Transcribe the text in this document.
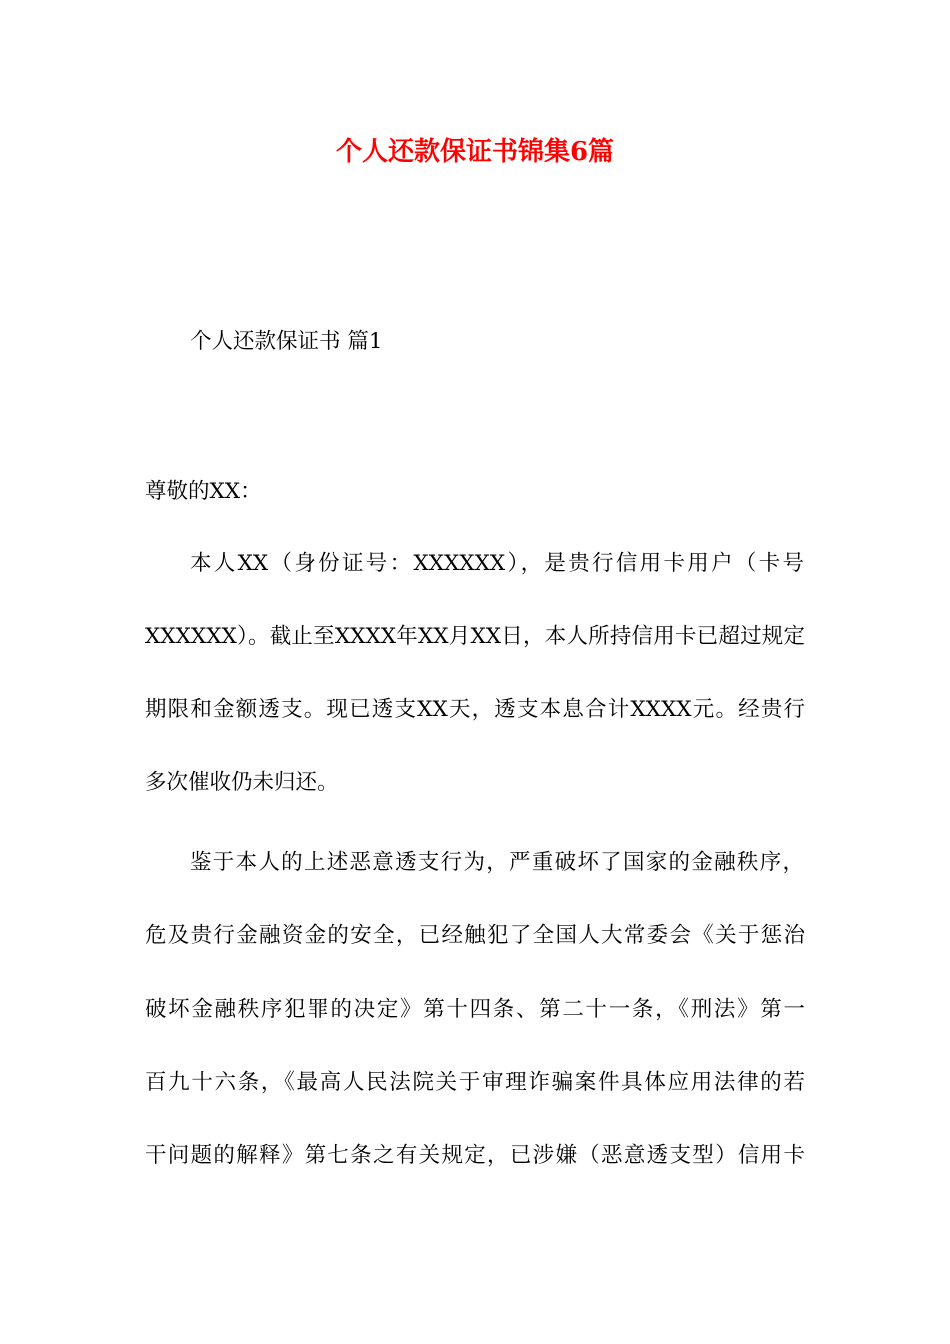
个人还款保证书锦集6篇
个人还款保证书 篇1
尊敬的XX：
本人XX（身份证号：XXXXXX），是贵行信用卡用户（卡号
XXXXXX）。截止至XXXX年XX月XX日，本人所持信用卡已超过规定
期限和金额透支。现已透支XX天，透支本息合计XXXX元。经贵行
多次催收仍未归还。
鉴于本人的上述恶意透支行为，严重破坏了国家的金融秩序，
危及贵行金融资金的安全，已经触犯了全国人大常委会《关于惩治
破坏金融秩序犯罪的决定》第十四条、第二十一条，《刑法》第一
百九十六条，《最高人民法院关于审理诈骗案件具体应用法律的若
干问题的解释》第七条之有关规定，已涉嫌（恶意透支型）信用卡
